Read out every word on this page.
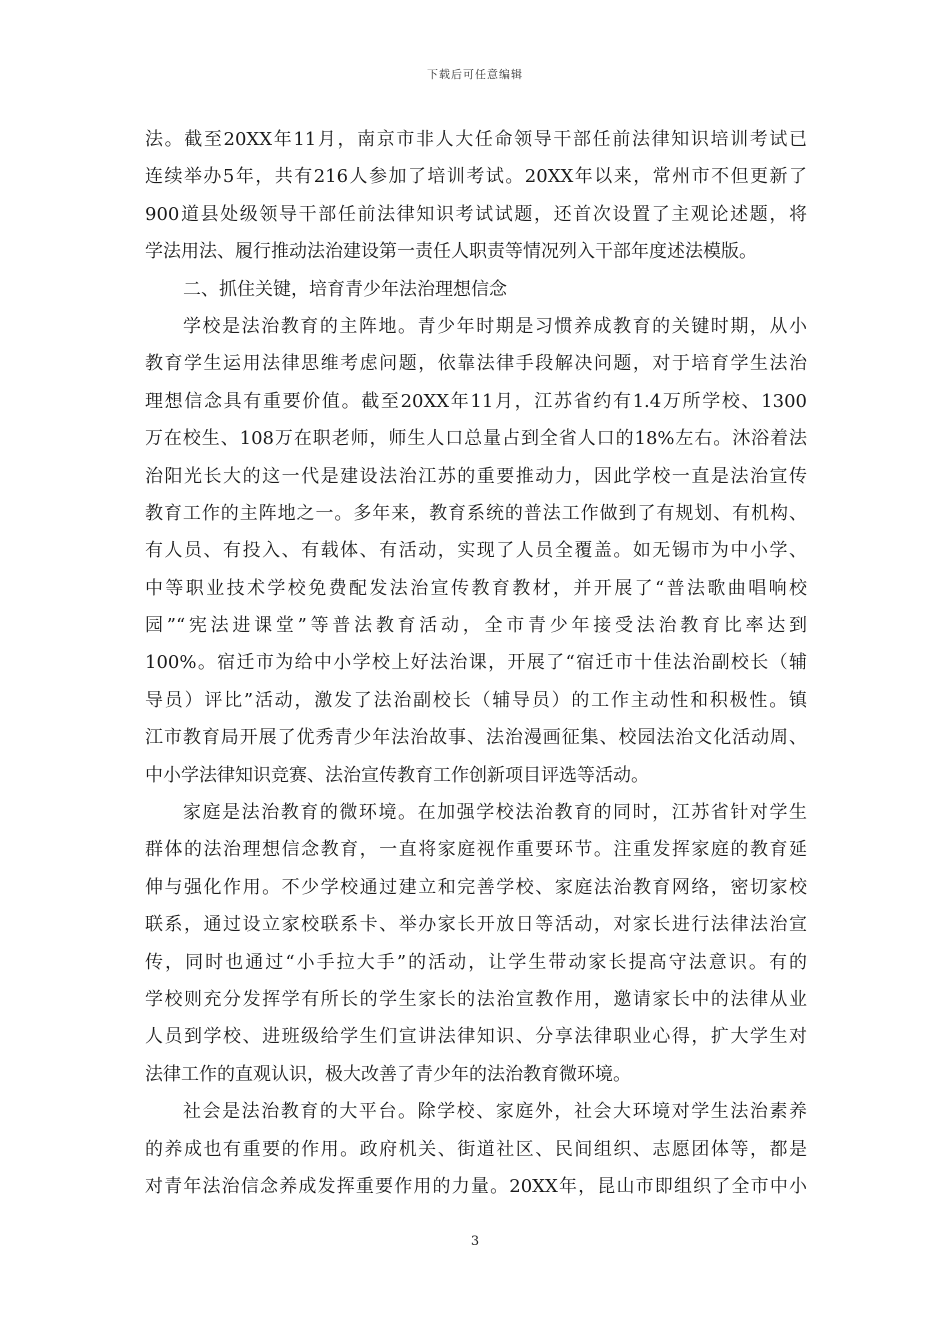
下载后可任意编辑
法。截至20XX年11月，南京市非人大任命领导干部任前法律知识培训考试已
连续举办5年，共有216人参加了培训考试。20XX年以来，常州市不但更新了
900道县处级领导干部任前法律知识考试试题，还首次设置了主观论述题，将
学法用法、履行推动法治建设第一责任人职责等情况列入干部年度述法模版。
二、抓住关键，培育青少年法治理想信念
学校是法治教育的主阵地。青少年时期是习惯养成教育的关键时期，从小
教育学生运用法律思维考虑问题，依靠法律手段解决问题，对于培育学生法治
理想信念具有重要价值。截至20XX年11月，江苏省约有1.4万所学校、1300
万在校生、108万在职老师，师生人口总量占到全省人口的18%左右。沐浴着法
治阳光长大的这一代是建设法治江苏的重要推动力，因此学校一直是法治宣传
教育工作的主阵地之一。多年来，教育系统的普法工作做到了有规划、有机构、
有人员、有投入、有载体、有活动，实现了人员全覆盖。如无锡市为中小学、
中等职业技术学校免费配发法治宣传教育教材，并开展了“普法歌曲唱响校
园”“宪法进课堂”等普法教育活动，全市青少年接受法治教育比率达到
100%。宿迁市为给中小学校上好法治课，开展了“宿迁市十佳法治副校长（辅
导员）评比”活动，激发了法治副校长（辅导员）的工作主动性和积极性。镇
江市教育局开展了优秀青少年法治故事、法治漫画征集、校园法治文化活动周、
中小学法律知识竞赛、法治宣传教育工作创新项目评选等活动。
家庭是法治教育的微环境。在加强学校法治教育的同时，江苏省针对学生
群体的法治理想信念教育，一直将家庭视作重要环节。注重发挥家庭的教育延
伸与强化作用。不少学校通过建立和完善学校、家庭法治教育网络，密切家校
联系，通过设立家校联系卡、举办家长开放日等活动，对家长进行法律法治宣
传，同时也通过“小手拉大手”的活动，让学生带动家长提高守法意识。有的
学校则充分发挥学有所长的学生家长的法治宣教作用，邀请家长中的法律从业
人员到学校、进班级给学生们宣讲法律知识、分享法律职业心得，扩大学生对
法律工作的直观认识，极大改善了青少年的法治教育微环境。
社会是法治教育的大平台。除学校、家庭外，社会大环境对学生法治素养
的养成也有重要的作用。政府机关、街道社区、民间组织、志愿团体等，都是
对青年法治信念养成发挥重要作用的力量。20XX年，昆山市即组织了全市中小
3
